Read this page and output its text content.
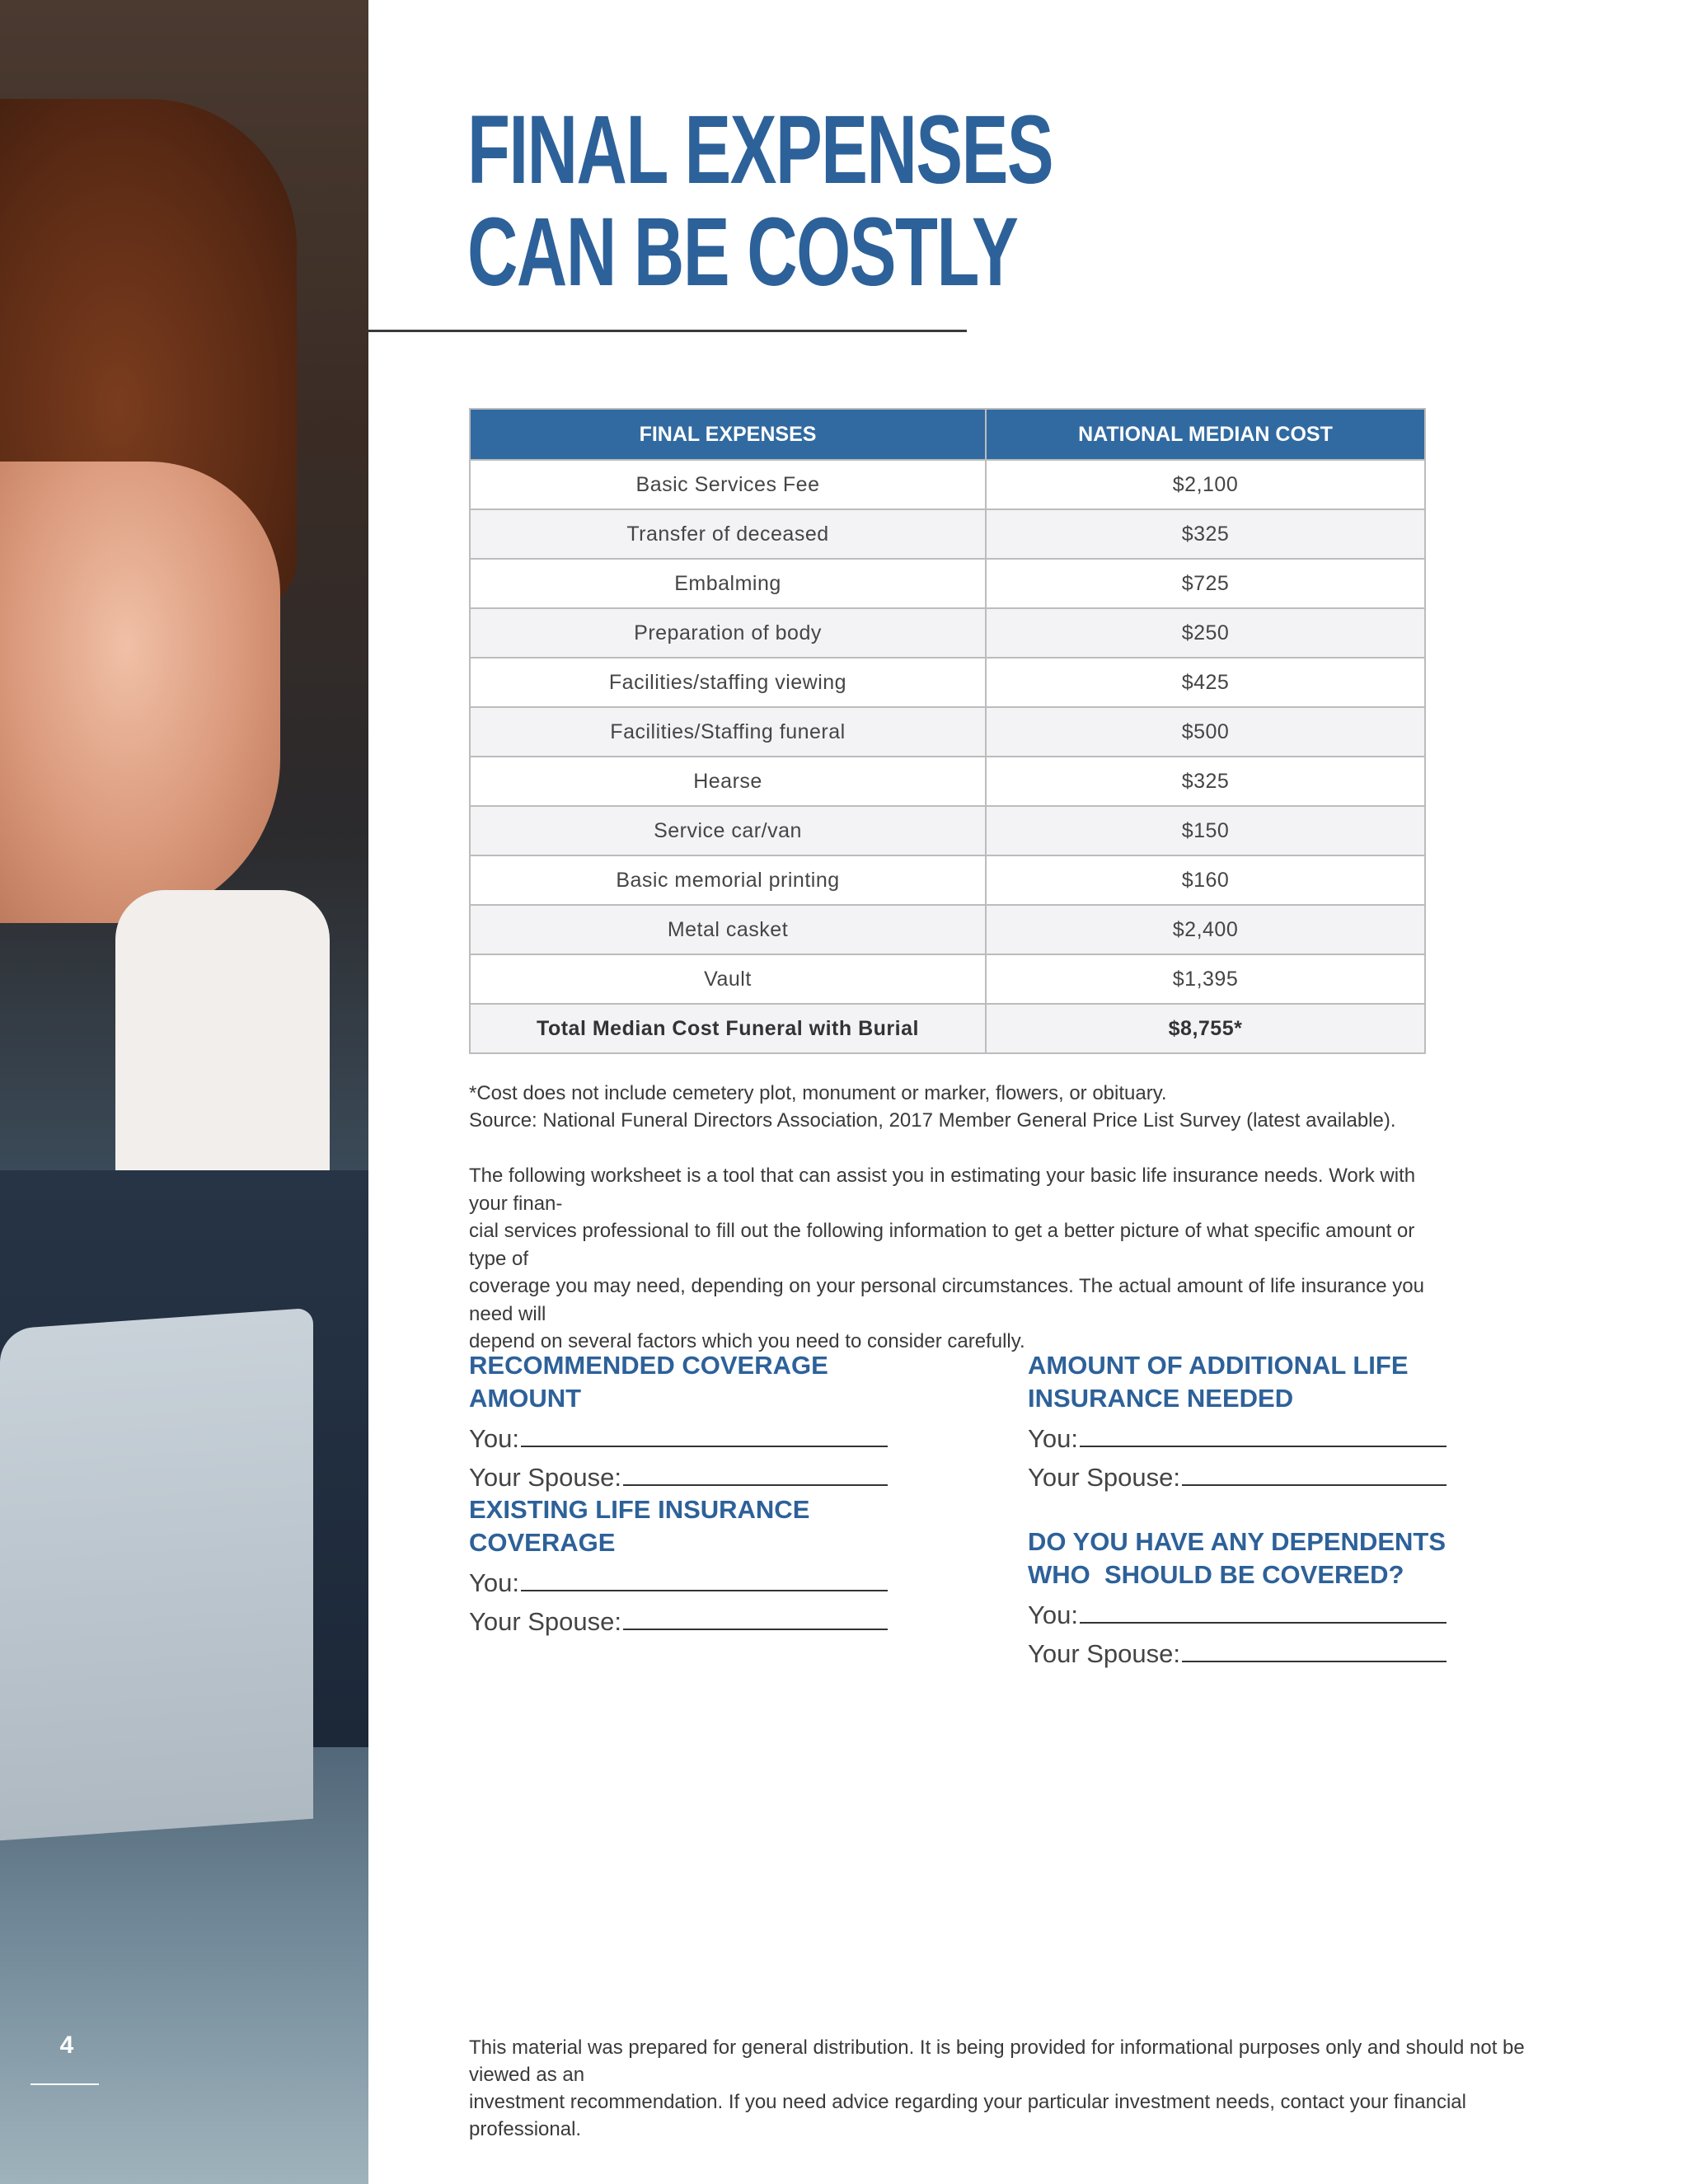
4
FINAL EXPENSES
CAN BE COSTLY
FINAL EXPENSES	NATIONAL MEDIAN COST
Basic Services Fee	$2,100
Transfer of deceased	$325
Embalming	$725
Preparation of body	$250
Facilities/staffing viewing	$425
Facilities/Staffing funeral	$500
Hearse	$325
Service car/van	$150
Basic memorial printing	$160
Metal casket	$2,400
Vault	$1,395
Total Median Cost Funeral with Burial	$8,755*

*Cost does not include cemetery plot, monument or marker, flowers, or obituary.

Source: National Funeral Directors Association, 2017 Member General Price List Survey (latest available).

The following worksheet is a tool that can assist you in estimating your basic life insurance needs. Work with your finan-
cial services professional to fill out the following information to get a better picture of what specific amount or type of
coverage you may need, depending on your personal circumstances. The actual amount of life insurance you need will
depend on several factors which you need to consider carefully.
RECOMMENDED COVERAGE AMOUNT
You:
Your Spouse:
EXISTING LIFE INSURANCE COVERAGE
You:
Your Spouse:
AMOUNT OF ADDITIONAL LIFE
INSURANCE NEEDED
You:
Your Spouse:
DO YOU HAVE ANY DEPENDENTS
WHO  SHOULD BE COVERED?
You:
Your Spouse:
This material was prepared for general distribution. It is being provided for informational purposes only and should not be viewed as an
investment recommendation. If you need advice regarding your particular investment needs, contact your financial professional.
